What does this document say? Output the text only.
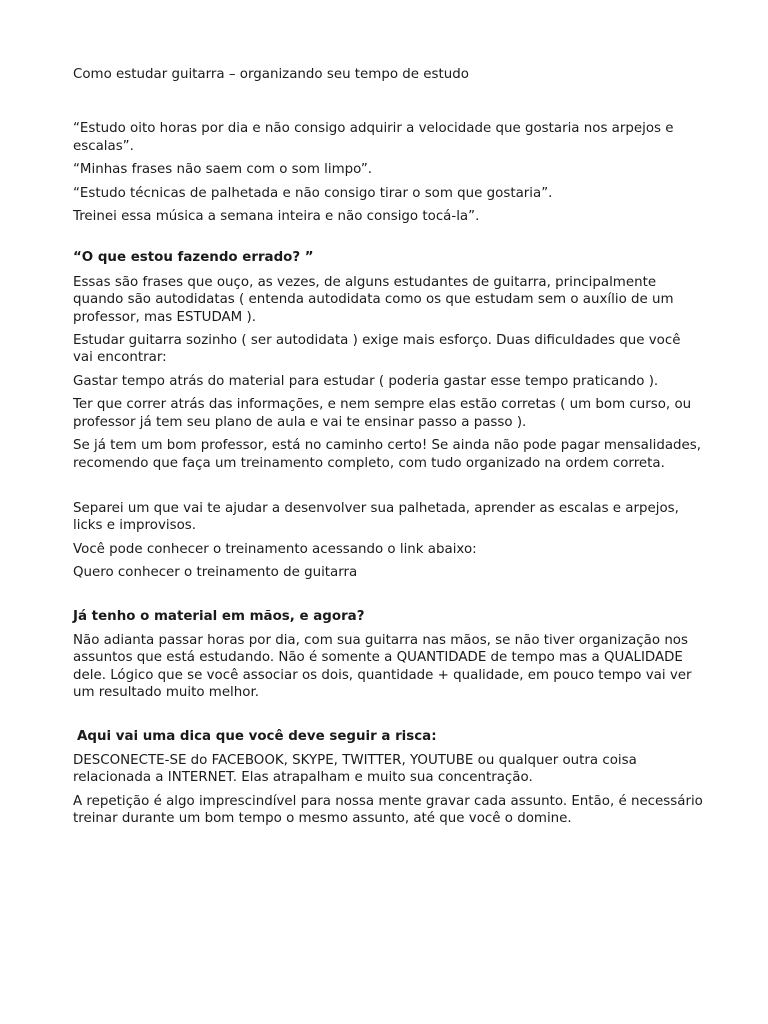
Como estudar guitarra – organizando seu tempo de estudo

“Estudo oito horas por dia e não consigo adquirir a velocidade que gostaria nos arpejos e escalas”.

“Minhas frases não saem com o som limpo”.

“Estudo técnicas de palhetada e não consigo tirar o som que gostaria”.

Treinei essa música a semana inteira e não consigo tocá-la”.

“O que estou fazendo errado? ”

Essas são frases que ouço, as vezes, de alguns estudantes de guitarra, principalmente quando são autodidatas ( entenda autodidata como os que estudam sem o auxílio de um professor, mas ESTUDAM ).

Estudar guitarra sozinho ( ser autodidata ) exige mais esforço. Duas dificuldades que você vai encontrar:

Gastar tempo atrás do material para estudar ( poderia gastar esse tempo praticando ).

Ter que correr atrás das informações, e nem sempre elas estão corretas ( um bom curso, ou professor já tem seu plano de aula e vai te ensinar passo a passo ).

Se já tem um bom professor, está no caminho certo! Se ainda não pode pagar mensalidades, recomendo que faça um treinamento completo, com tudo organizado na ordem correta.

Separei um que vai te ajudar a desenvolver sua palhetada, aprender as escalas e arpejos, licks e improvisos.

Você pode conhecer o treinamento acessando o link abaixo:

Quero conhecer o treinamento de guitarra

Já tenho o material em mãos, e agora?

Não adianta passar horas por dia, com sua guitarra nas mãos, se não tiver organização nos assuntos que está estudando. Não é somente a QUANTIDADE de tempo mas a QUALIDADE dele. Lógico que se você associar os dois, quantidade + qualidade, em pouco tempo vai ver um resultado muito melhor.

Aqui vai uma dica que você deve seguir a risca:

DESCONECTE-SE do FACEBOOK, SKYPE, TWITTER, YOUTUBE ou qualquer outra coisa relacionada a INTERNET. Elas atrapalham e muito sua concentração.

A repetição é algo imprescindível para nossa mente gravar cada assunto. Então, é necessário treinar durante um bom tempo o mesmo assunto, até que você o domine.
